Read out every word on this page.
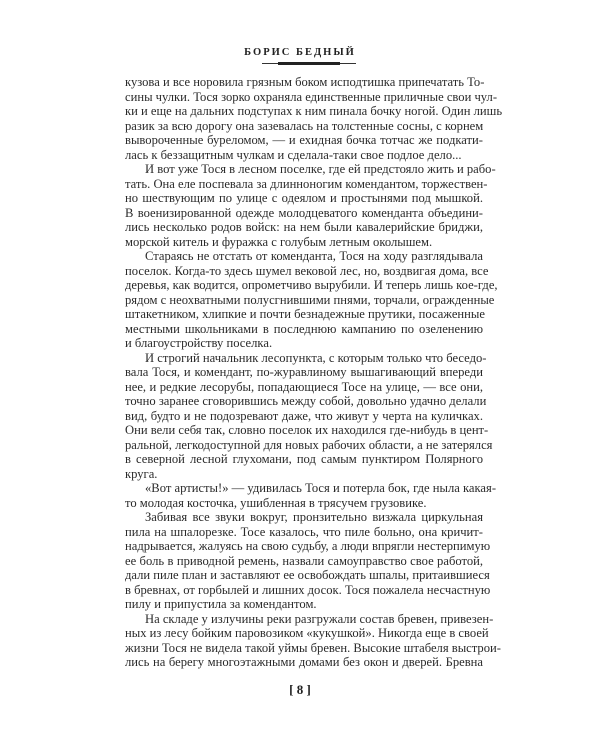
БОРИС БЕДНЫЙ
кузова и все норовила грязным боком исподтишка припечатать То-
сины чулки. Тося зорко охраняла единственные приличные свои чул-
ки и еще на дальних подступах к ним пинала бочку ногой. Один лишь
разик за всю дорогу она зазевалась на толстенные сосны, с корнем
вывороченные буреломом, — и ехидная бочка тотчас же подкати-
лась к беззащитным чулкам и сделала-таки свое подлое дело...
И вот уже Тося в лесном поселке, где ей предстояло жить и рабо-
тать. Она еле поспевала за длинноногим комендантом, торжествен-
но шествующим по улице с одеялом и простынями под мышкой.
В военизированной одежде молодцеватого коменданта объедини-
лись несколько родов войск: на нем были кавалерийские бриджи,
морской китель и фуражка с голубым летным околышем.
Стараясь не отстать от коменданта, Тося на ходу разглядывала
поселок. Когда-то здесь шумел вековой лес, но, воздвигая дома, все
деревья, как водится, опрометчиво вырубили. И теперь лишь кое-где,
рядом с неохватными полусгнившими пнями, торчали, огражденные
штакетником, хлипкие и почти безнадежные прутики, посаженные
местными школьниками в последнюю кампанию по озеленению
и благоустройству поселка.
И строгий начальник лесопункта, с которым только что беседо-
вала Тося, и комендант, по-журавлиному вышагивающий впереди
нее, и редкие лесорубы, попадающиеся Тосе на улице, — все они,
точно заранее сговорившись между собой, довольно удачно делали
вид, будто и не подозревают даже, что живут у черта на куличках.
Они вели себя так, словно поселок их находился где-нибудь в цент-
ральной, легкодоступной для новых рабочих области, а не затерялся
в северной лесной глухомани, под самым пунктиром Полярного
круга.
«Вот артисты!» — удивилась Тося и потерла бок, где ныла какая-
то молодая косточка, ушибленная в трясучем грузовике.
Забивая все звуки вокруг, пронзительно визжала циркульная
пила на шпалорезке. Тосе казалось, что пиле больно, она кричит-
надрывается, жалуясь на свою судьбу, а люди впрягли нестерпимую
ее боль в приводной ремень, назвали самоуправство свое работой,
дали пиле план и заставляют ее освобождать шпалы, притаившиеся
в бревнах, от горбылей и лишних досок. Тося пожалела несчастную
пилу и припустила за комендантом.
На складе у излучины реки разгружали состав бревен, привезен-
ных из лесу бойким паровозиком «кукушкой». Никогда еще в своей
жизни Тося не видела такой уймы бревен. Высокие штабеля выстрои-
лись на берегу многоэтажными домами без окон и дверей. Бревна
[ 8 ]
